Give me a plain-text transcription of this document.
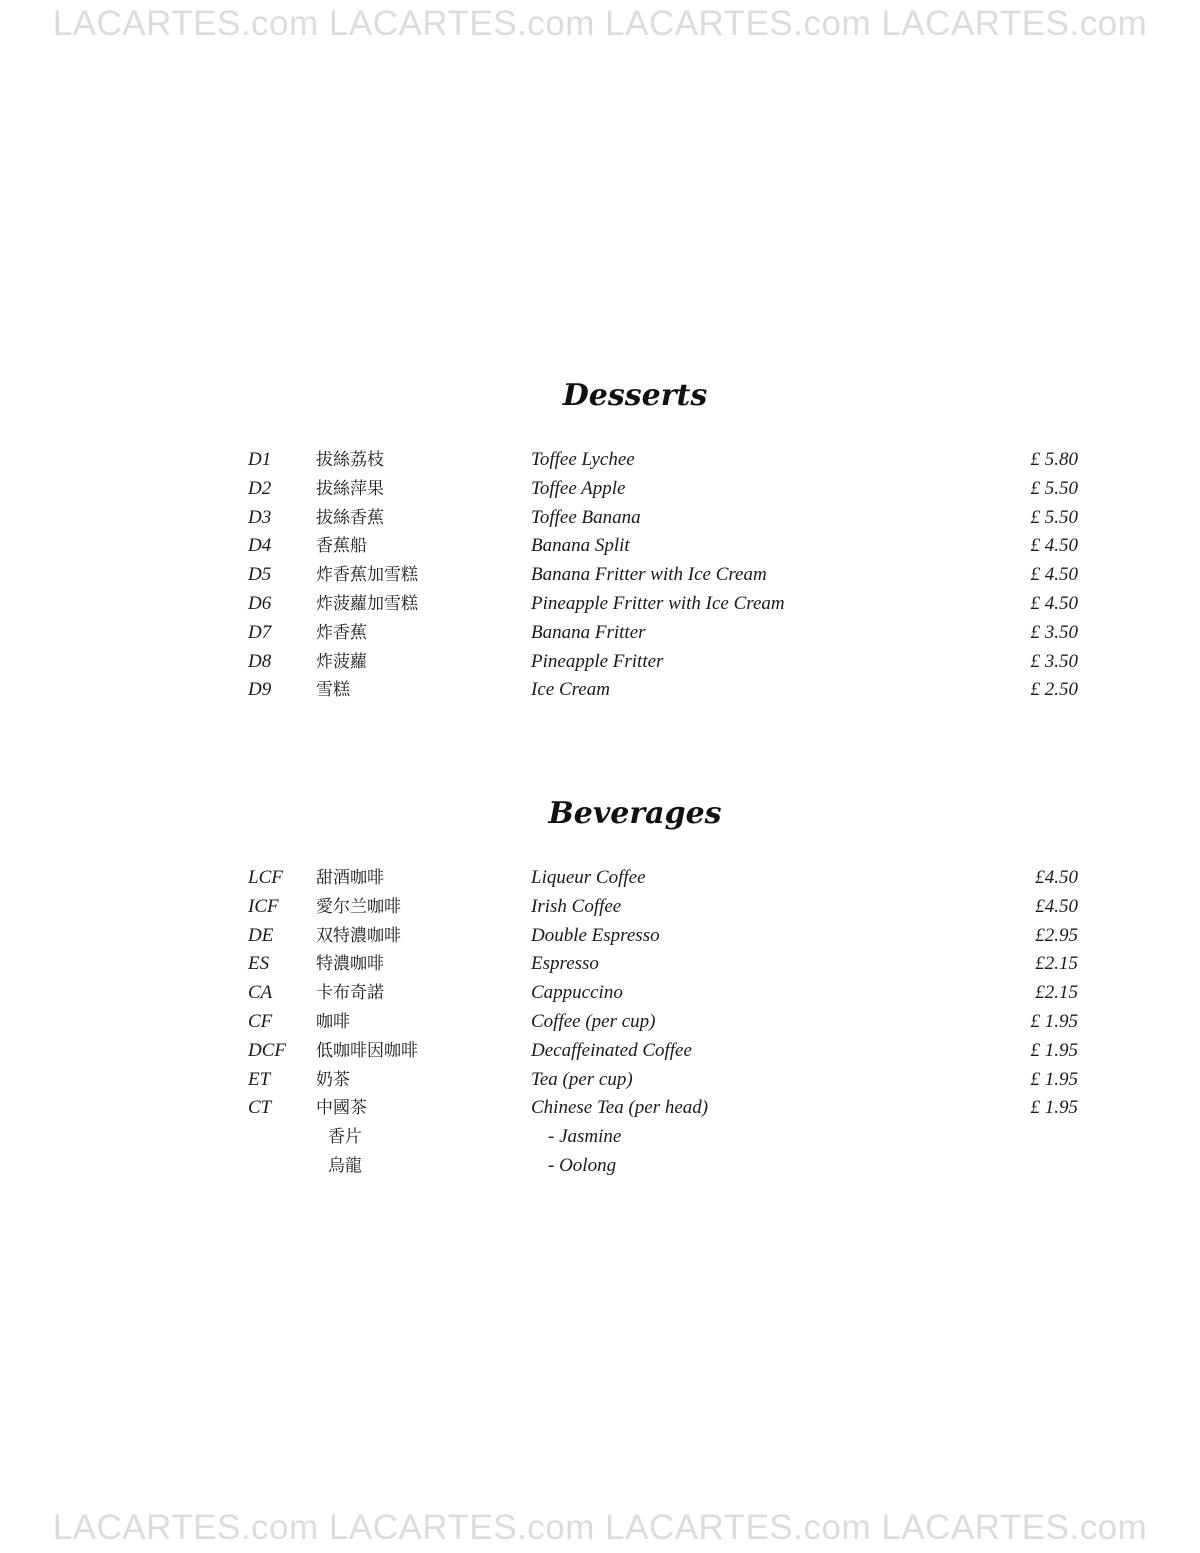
LACARTES.com LACARTES.com LACARTES.com LACARTES.com
Desserts
D1	拔絲荔枝	Toffee Lychee	£ 5.80
D2	拔絲萍果	Toffee Apple	£ 5.50
D3	拔絲香蕉	Toffee Banana	£ 5.50
D4	香蕉船	Banana Split	£ 4.50
D5	炸香蕉加雪糕	Banana Fritter with Ice Cream	£ 4.50
D6	炸菠蘿加雪糕	Pineapple Fritter with Ice Cream	£ 4.50
D7	炸香蕉	Banana Fritter	£ 3.50
D8	炸菠蘿	Pineapple Fritter	£ 3.50
D9	雪糕	Ice Cream	£ 2.50
Beverages
LCF 甜酒咖啡	Liqueur Coffee	£4.50
ICF 愛尔兰咖啡	Irish Coffee	£4.50
DE	双特濃咖啡	Double Espresso	£2.95
ES	特濃咖啡	Espresso	£2.15
CA	卡布奇諾	Cappuccino	£2.15
CF	咖啡	Coffee (per cup)	£ 1.95
DCF 低咖啡因咖啡	Decaffeinated Coffee	£ 1.95
ET	奶茶	Tea (per cup)	£ 1.95
CT	中國茶	Chinese Tea (per head)	£ 1.95
香片	- Jasmine
烏龍	- Oolong
LACARTES.com LACARTES.com LACARTES.com LACARTES.com
